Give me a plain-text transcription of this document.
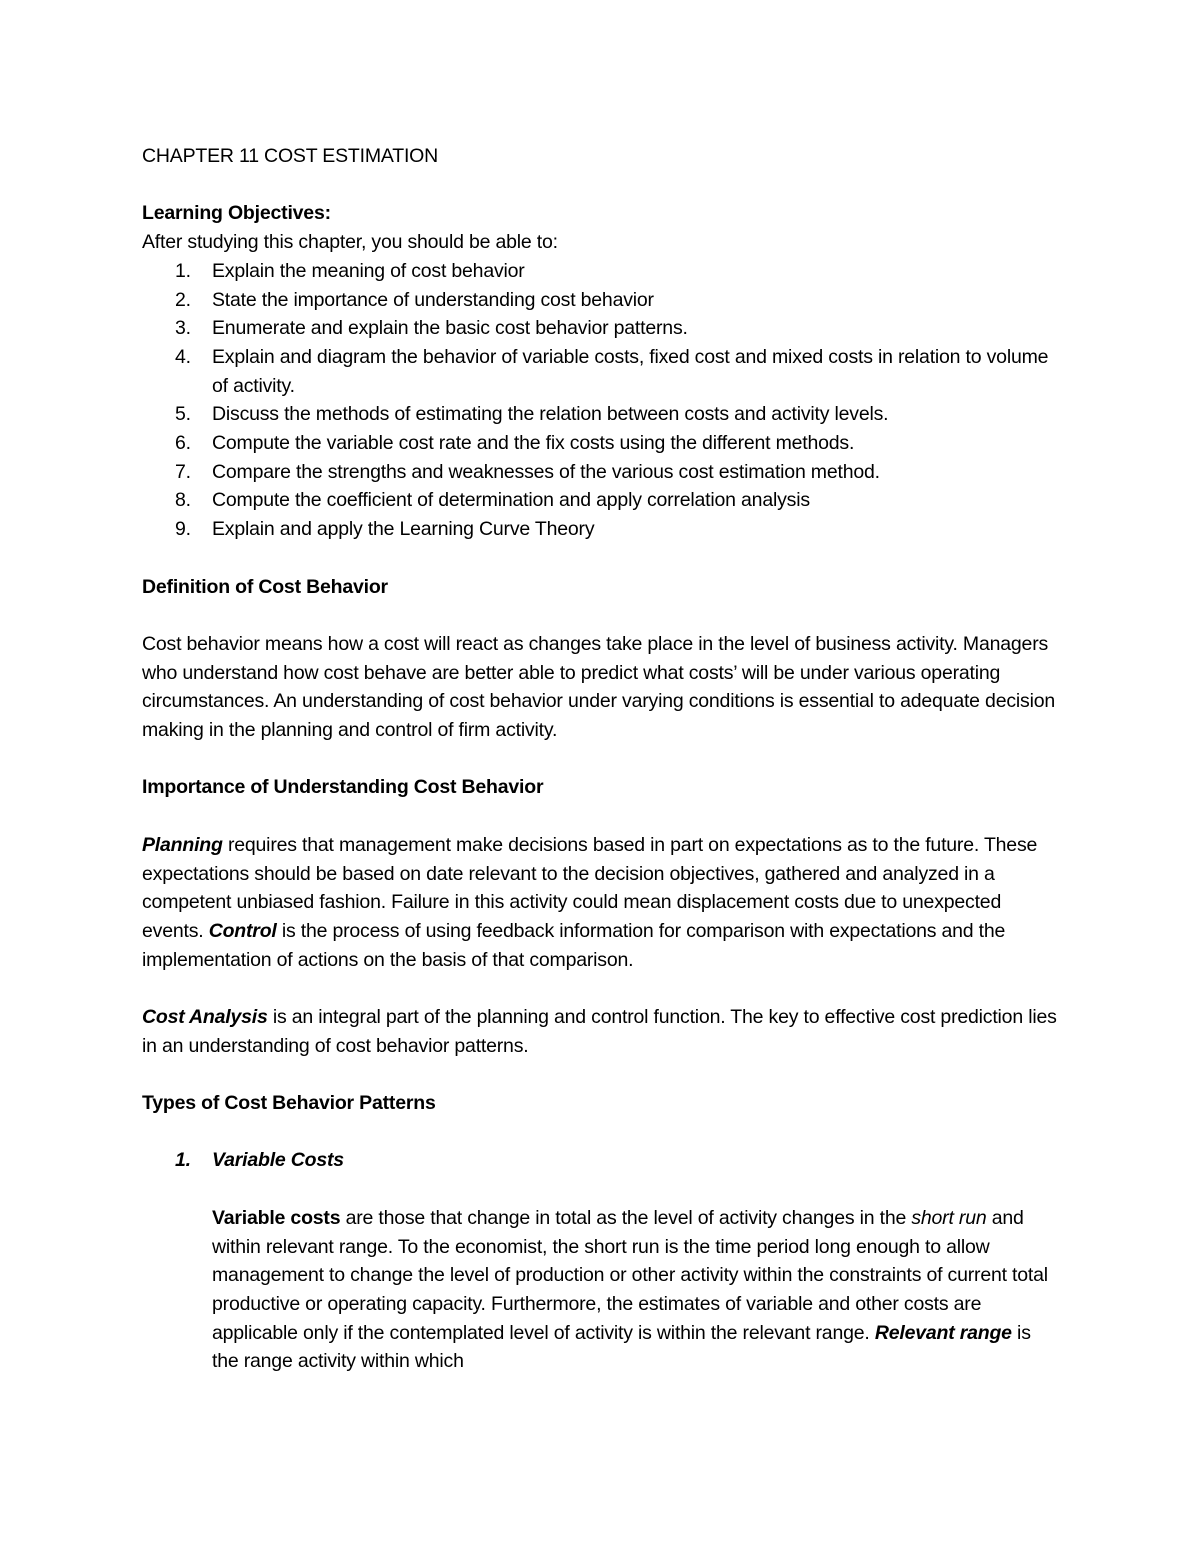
CHAPTER 11 COST ESTIMATION

Learning Objectives:

After studying this chapter, you should be able to:

1. Explain the meaning of cost behavior
2. State the importance of understanding cost behavior
3. Enumerate and explain the basic cost behavior patterns.
4. Explain and diagram the behavior of variable costs, fixed cost and mixed costs in relation to volume of activity.
5. Discuss the methods of estimating the relation between costs and activity levels.
6. Compute the variable cost rate and the fix costs using the different methods.
7. Compare the strengths and weaknesses of the various cost estimation method.
8. Compute the coefficient of determination and apply correlation analysis
9. Explain and apply the Learning Curve Theory

Definition of Cost Behavior

Cost behavior means how a cost will react as changes take place in the level of business activity. Managers who understand how cost behave are better able to predict what costs’ will be under various operating circumstances. An understanding of cost behavior under varying conditions is essential to adequate decision making in the planning and control of firm activity.

Importance of Understanding Cost Behavior

Planning requires that management make decisions based in part on expectations as to the future. These expectations should be based on date relevant to the decision objectives, gathered and analyzed in a competent unbiased fashion. Failure in this activity could mean displacement costs due to unexpected events. Control is the process of using feedback information for comparison with expectations and the implementation of actions on the basis of that comparison.

Cost Analysis is an integral part of the planning and control function. The key to effective cost prediction lies in an understanding of cost behavior patterns.

Types of Cost Behavior Patterns

1. Variable Costs

Variable costs are those that change in total as the level of activity changes in the short run and within relevant range. To the economist, the short run is the time period long enough to allow management to change the level of production or other activity within the constraints of current total productive or operating capacity. Furthermore, the estimates of variable and other costs are applicable only if the contemplated level of activity is within the relevant range. Relevant range is the range activity within which
